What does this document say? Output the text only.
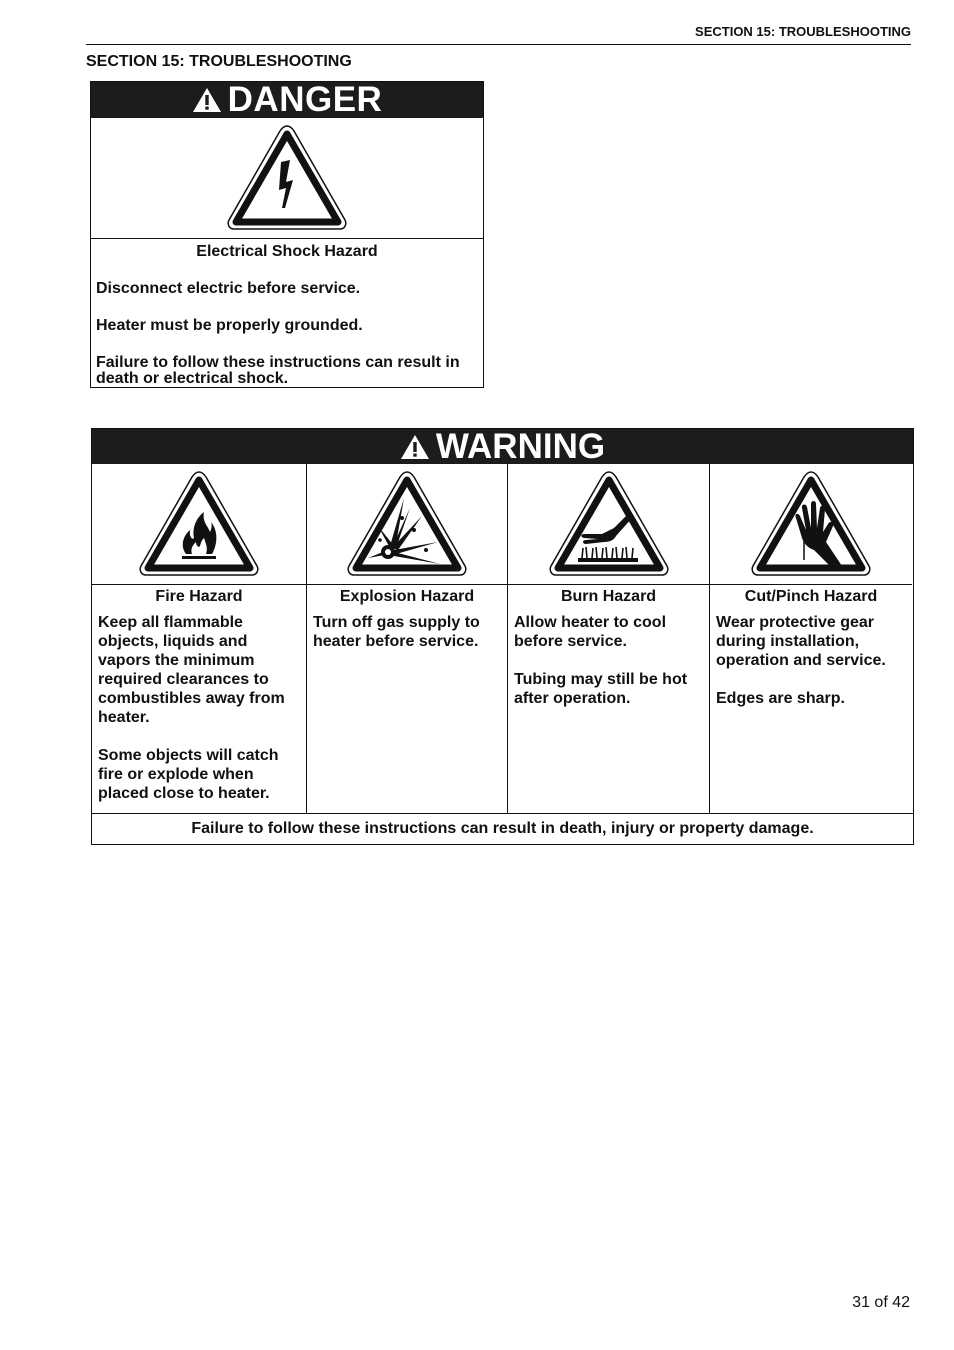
SECTION 15: TROUBLESHOOTING
SECTION 15: TROUBLESHOOTING
DANGER
Electrical Shock Hazard

Disconnect electric before service.

Heater must be properly grounded.

Failure to follow these instructions can result in death or electrical shock.

WARNING
Fire Hazard

Keep all flammable objects, liquids and vapors the minimum required clearances to combustibles away from heater.

Some objects will catch fire or explode when placed close to heater.

Explosion Hazard

Turn off gas supply to heater before service.

Burn Hazard

Allow heater to cool before service.

Tubing may still be hot after operation.

Cut/Pinch Hazard

Wear protective gear during installation, operation and service.

Edges are sharp.

Failure to follow these instructions can result in death, injury or property damage.
31 of 42
